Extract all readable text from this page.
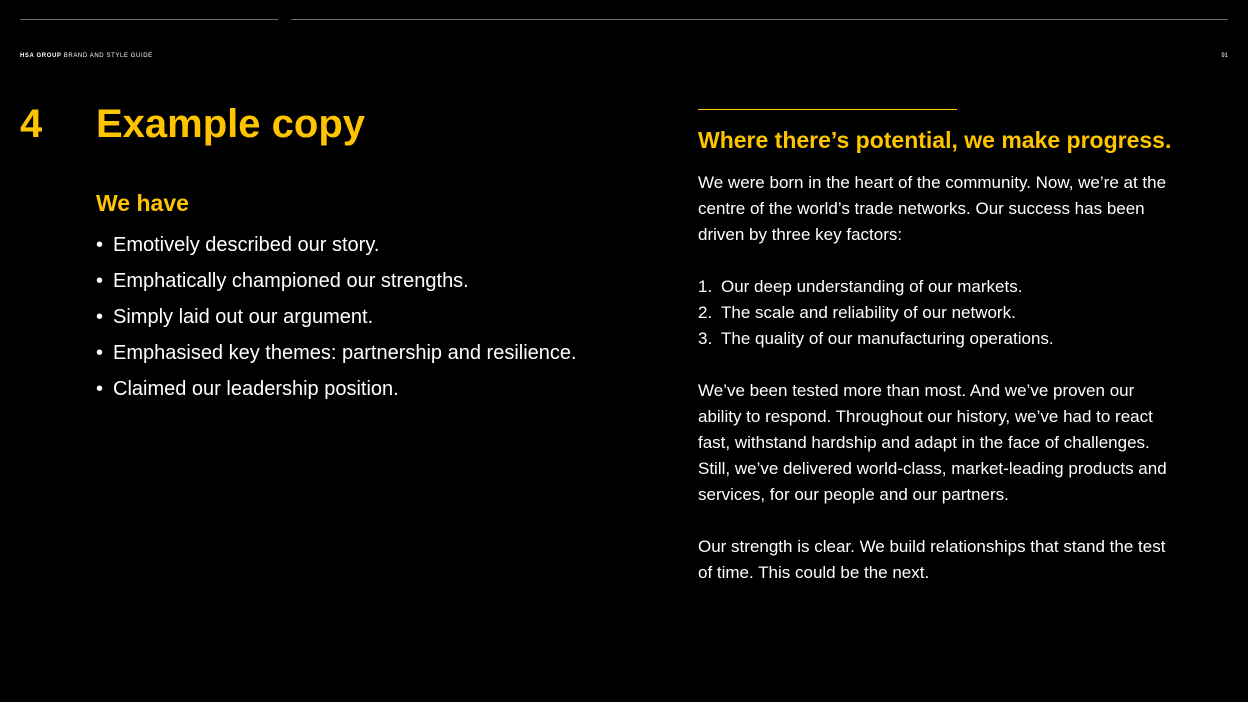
HSA GROUP BRAND AND STYLE GUIDE	91
4 Example copy
We have
• Emotively described our story.
• Emphatically championed our strengths.
• Simply laid out our argument.
• Emphasised key themes: partnership and resilience.
• Claimed our leadership position.
Where there’s potential, we make progress.

We were born in the heart of the community. Now, we’re at the centre of the world’s trade networks. Our success has been driven by three key factors:

1. Our deep understanding of our markets.
2. The scale and reliability of our network.
3. The quality of our manufacturing operations.

We’ve been tested more than most. And we’ve proven our ability to respond. Throughout our history, we’ve had to react fast, withstand hardship and adapt in the face of challenges. Still, we’ve delivered world-class, market-leading products and services, for our people and our partners.

Our strength is clear. We build relationships that stand the test of time. This could be the next.
